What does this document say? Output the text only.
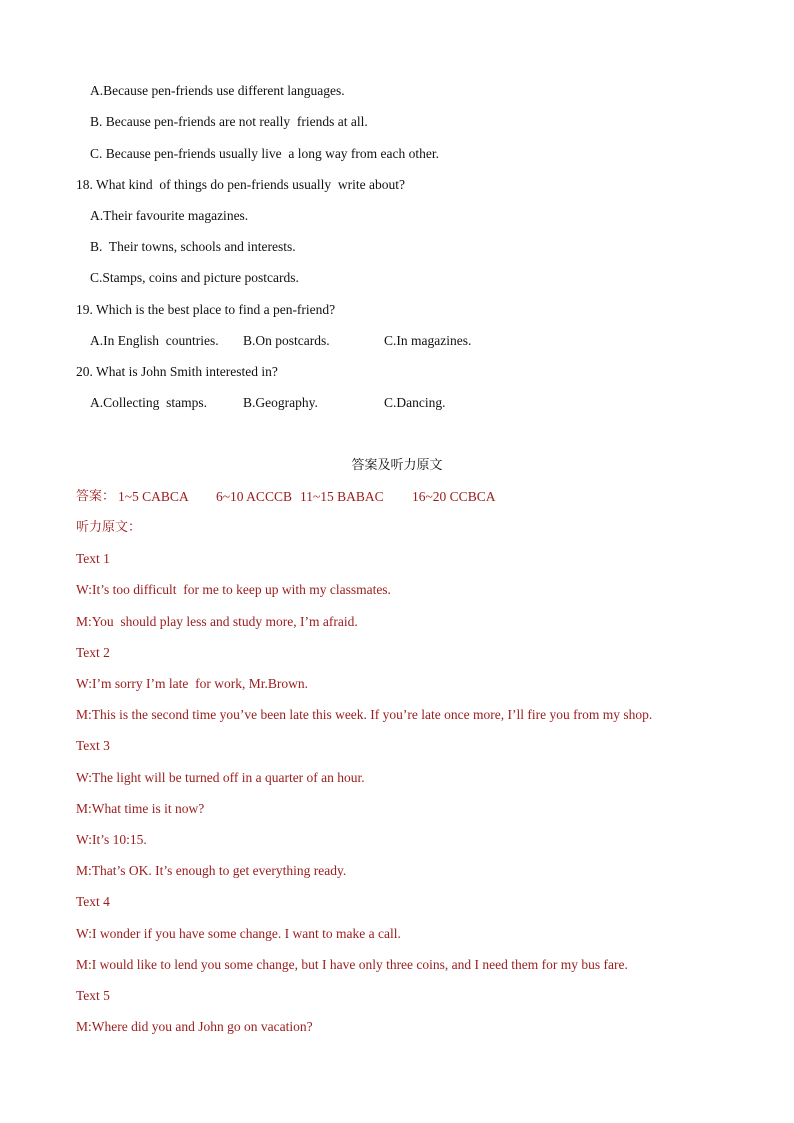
A.Because pen-friends use different languages.
B. Because pen-friends are not really  friends at all.
C. Because pen-friends usually live  a long way from each other.
18. What kind  of things do pen-friends usually  write about?
A.Their favourite magazines.
B.  Their towns, schools and interests.
C.Stamps, coins and picture postcards.
19. Which is the best place to find a pen-friend?
A.In English  countries. B.On postcards.	C.In magazines.
20. What is John Smith interested in?
A.Collecting  stamps.	B.Geography.	C.Dancing.
答案及听力原文
答案： 1~5 CABCA 6~10 ACCCB 11~15 BABAC 16~20 CCBCA
听力原文：
Text 1
W:It’s too difficult  for me to keep up with my classmates.
M:You  should play less and study more, I’m afraid.
Text 2
W:I’m sorry I’m late  for work, Mr.Brown.
M:This is the second time you’ve been late this week. If you’re late once more, I’ll fire you from my shop.
Text 3
W:The light will be turned off in a quarter of an hour.
M:What time is it now?
W:It’s 10:15.
M:That’s OK. It’s enough to get everything ready.
Text 4
W:I wonder if you have some change. I want to make a call.
M:I would like to lend you some change, but I have only three coins, and I need them for my bus fare.
Text 5
M:Where did you and John go on vacation?
